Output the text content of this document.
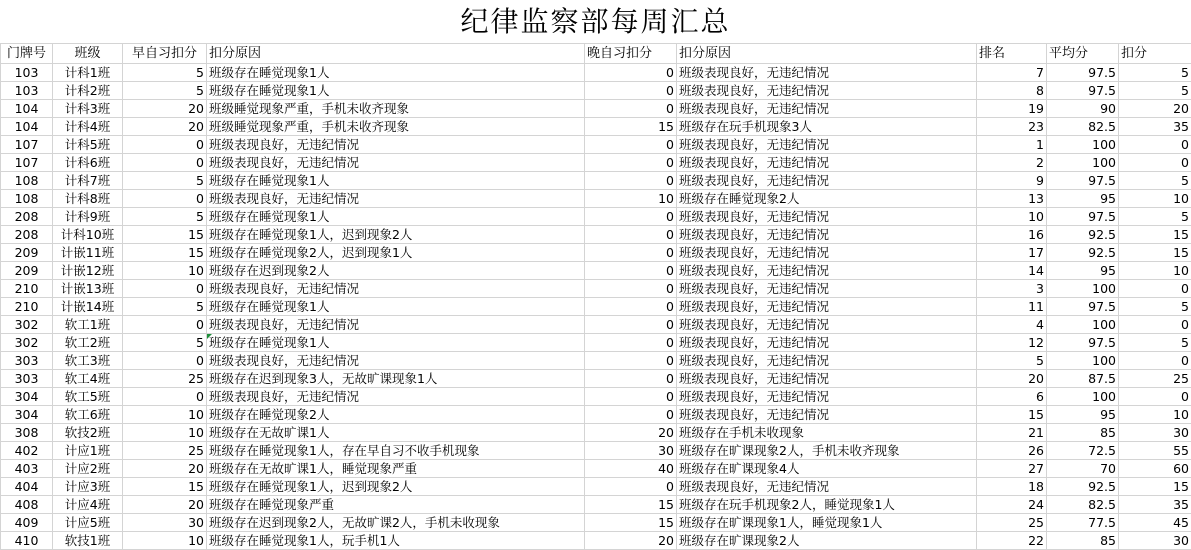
纪律监察部每周汇总
门牌号	班级	早自习扣分	扣分原因	晚自习扣分	扣分原因	排名	平均分	扣分
103	计科1班	5	班级存在睡觉现象1人	0	班级表现良好，无违纪情况	7	97.5	5
103	计科2班	5	班级存在睡觉现象1人	0	班级表现良好，无违纪情况	8	97.5	5
104	计科3班	20	班级睡觉现象严重，手机未收齐现象	0	班级表现良好，无违纪情况	19	90	20
104	计科4班	20	班级睡觉现象严重，手机未收齐现象	15	班级存在玩手机现象3人	23	82.5	35
107	计科5班	0	班级表现良好，无违纪情况	0	班级表现良好，无违纪情况	1	100	0
107	计科6班	0	班级表现良好，无违纪情况	0	班级表现良好，无违纪情况	2	100	0
108	计科7班	5	班级存在睡觉现象1人	0	班级表现良好，无违纪情况	9	97.5	5
108	计科8班	0	班级表现良好，无违纪情况	10	班级存在睡觉现象2人	13	95	10
208	计科9班	5	班级存在睡觉现象1人	0	班级表现良好，无违纪情况	10	97.5	5
208	计科10班	15	班级存在睡觉现象1人，迟到现象2人	0	班级表现良好，无违纪情况	16	92.5	15
209	计嵌11班	15	班级存在睡觉现象2人，迟到现象1人	0	班级表现良好，无违纪情况	17	92.5	15
209	计嵌12班	10	班级存在迟到现象2人	0	班级表现良好，无违纪情况	14	95	10
210	计嵌13班	0	班级表现良好，无违纪情况	0	班级表现良好，无违纪情况	3	100	0
210	计嵌14班	5	班级存在睡觉现象1人	0	班级表现良好，无违纪情况	11	97.5	5
302	软工1班	0	班级表现良好，无违纪情况	0	班级表现良好，无违纪情况	4	100	0
302	软工2班	5	班级存在睡觉现象1人	0	班级表现良好，无违纪情况	12	97.5	5
303	软工3班	0	班级表现良好，无违纪情况	0	班级表现良好，无违纪情况	5	100	0
303	软工4班	25	班级存在迟到现象3人，无故旷课现象1人	0	班级表现良好，无违纪情况	20	87.5	25
304	软工5班	0	班级表现良好，无违纪情况	0	班级表现良好，无违纪情况	6	100	0
304	软工6班	10	班级存在睡觉现象2人	0	班级表现良好，无违纪情况	15	95	10
308	软技2班	10	班级存在无故旷课1人	20	班级存在手机未收现象	21	85	30
402	计应1班	25	班级存在睡觉现象1人，存在早自习不收手机现象	30	班级存在旷课现象2人，手机未收齐现象	26	72.5	55
403	计应2班	20	班级存在无故旷课1人，睡觉现象严重	40	班级存在旷课现象4人	27	70	60
404	计应3班	15	班级存在睡觉现象1人，迟到现象2人	0	班级表现良好，无违纪情况	18	92.5	15
408	计应4班	20	班级存在睡觉现象严重	15	班级存在玩手机现象2人，睡觉现象1人	24	82.5	35
409	计应5班	30	班级存在迟到现象2人，无故旷课2人，手机未收现象	15	班级存在旷课现象1人，睡觉现象1人	25	77.5	45
410	软技1班	10	班级存在睡觉现象1人，玩手机1人	20	班级存在旷课现象2人	22	85	30
